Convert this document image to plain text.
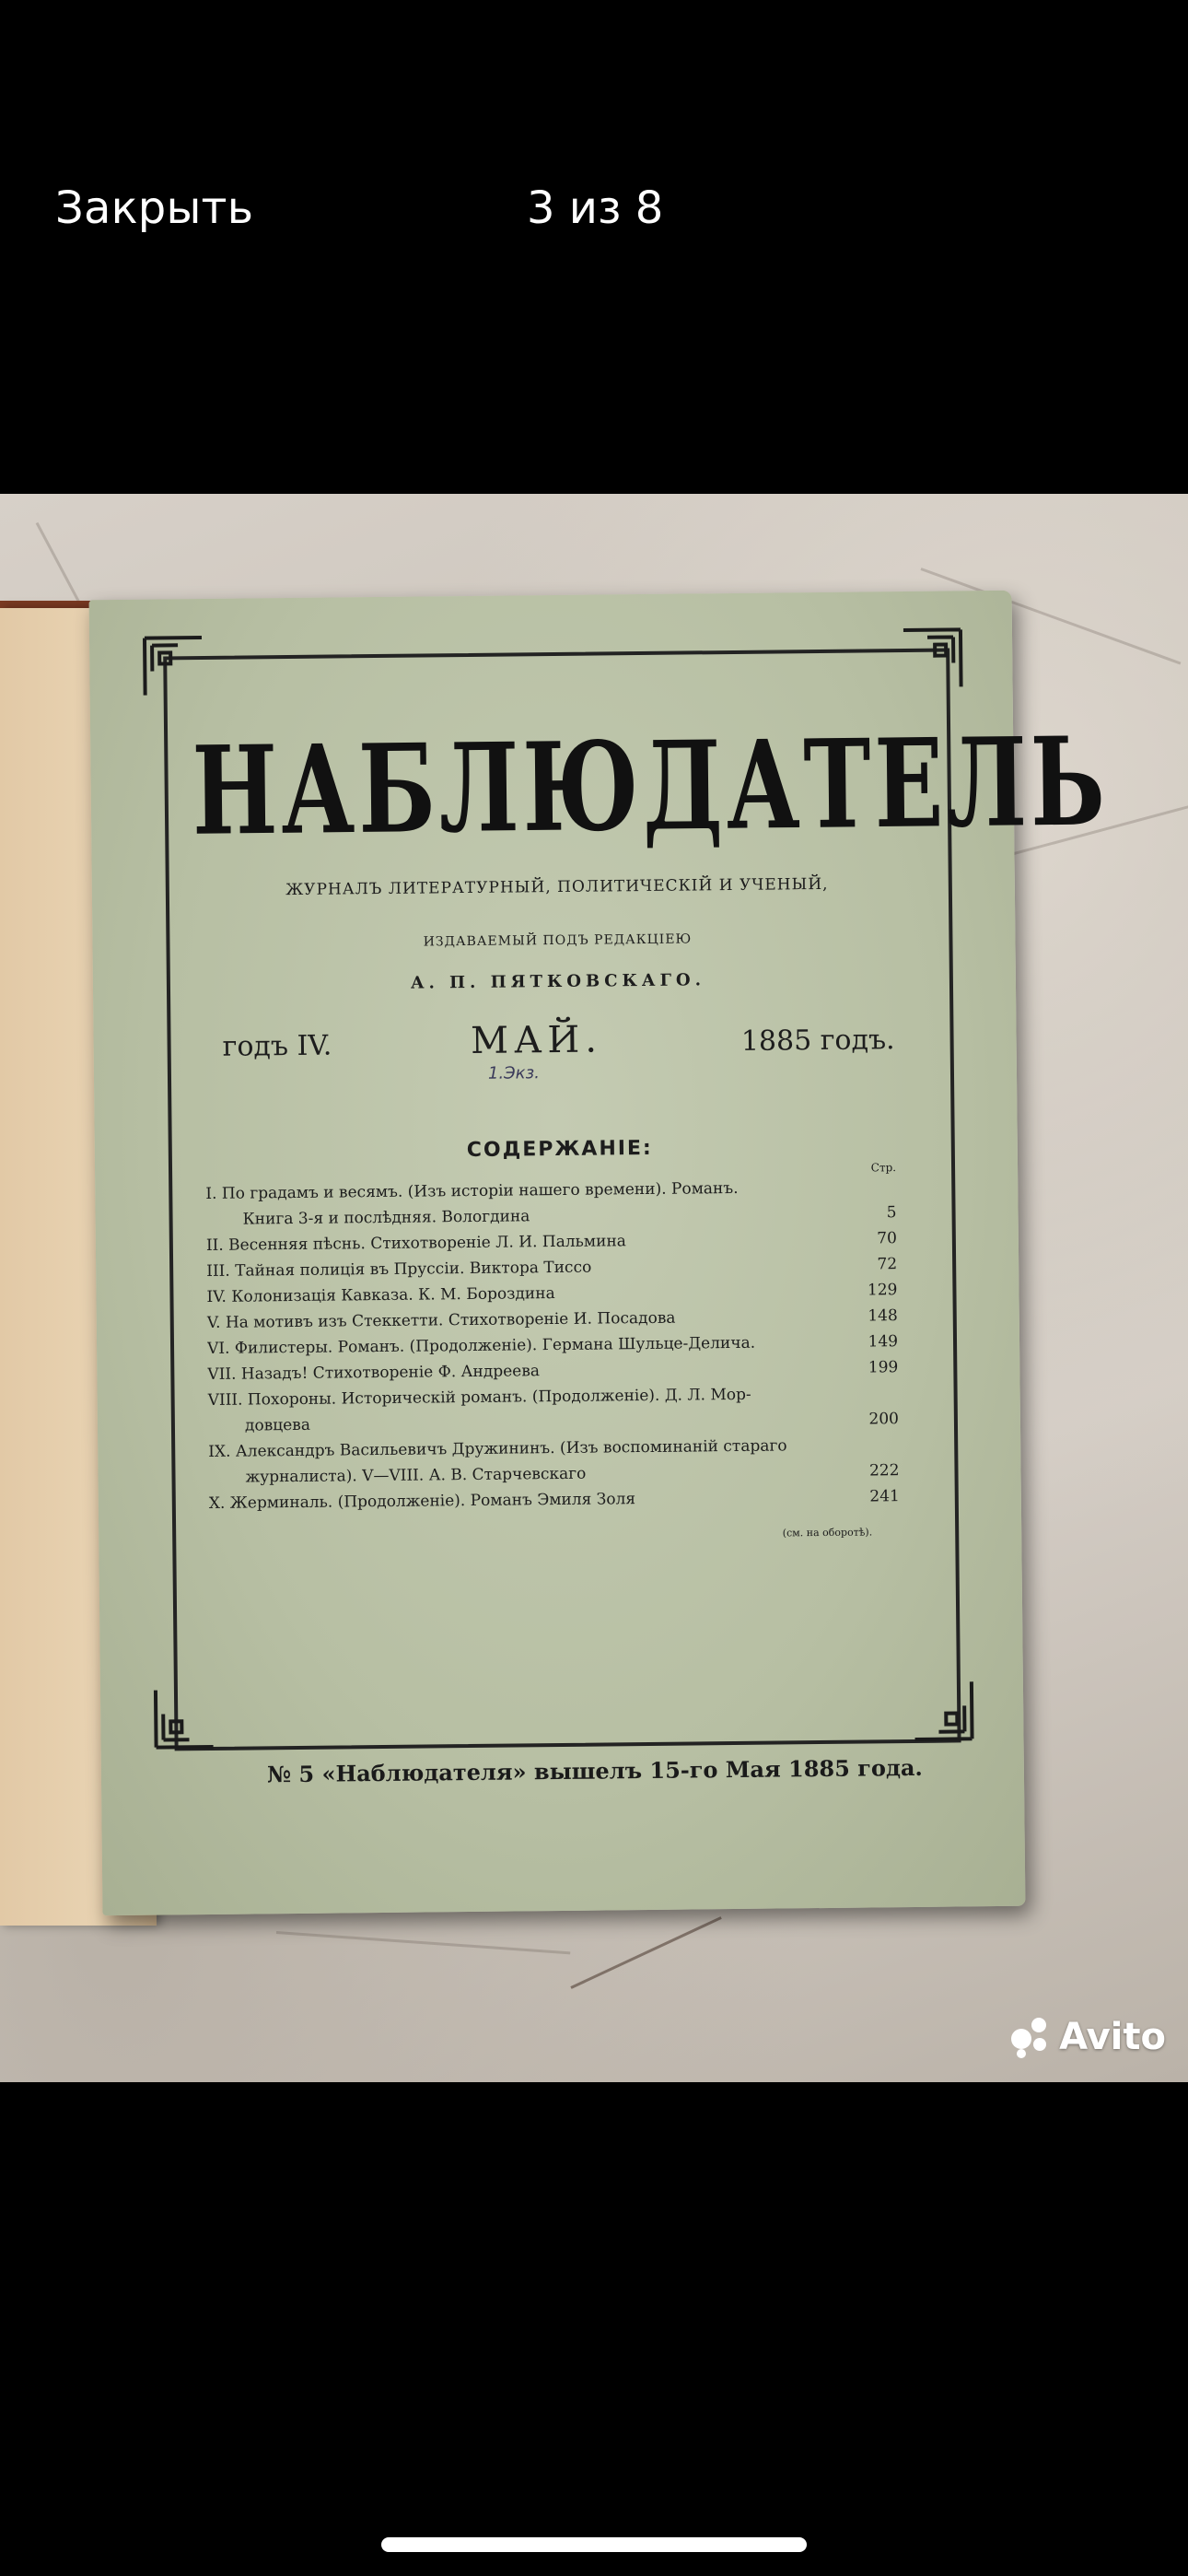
Закрыть	3 из 8
НАБЛЮДАТЕЛЬ
ЖУРНАЛЪ ЛИТЕРАТУРНЫЙ, ПОЛИТИЧЕСКІЙ И УЧЕНЫЙ,
ИЗДАВАЕМЫЙ ПОДЪ РЕДАКЦІЕЮ
А. П. ПЯТКОВСКАГО.
годъ IV.	МАЙ.	1885 годъ.
1.Экз.
СОДЕРЖАНІЕ:
Стр.
I. По градамъ и весямъ. (Изъ исторіи нашего времени). Романъ.
Книга 3-я и послѣдняя. Вологдина	5
II. Весенняя пѣснь. Стихотвореніе Л. И. Пальмина	70
III. Тайная полиція въ Пруссіи. Виктора Тиссо	72
IV. Колонизація Кавказа. К. М. Бороздина	129
V. На мотивъ изъ Стеккетти. Стихотвореніе И. Посадова	148
VI. Филистеры. Романъ. (Продолженіе). Германа Шульце-Делича.	149
VII. Назадъ! Стихотвореніе Ф. Андреева	199
VIII. Похороны. Историческій романъ. (Продолженіе). Д. Л. Мор-
довцева	200
IX. Александръ Васильевичъ Дружининъ. (Изъ воспоминаній стараго
журналиста). V—VIII. А. В. Старчевскаго	222
X. Жерминаль. (Продолженіе). Романъ Эмиля Золя	241
(см. на оборотѣ).
№ 5 «Наблюдателя» вышелъ 15-го Мая 1885 года.
Avito
